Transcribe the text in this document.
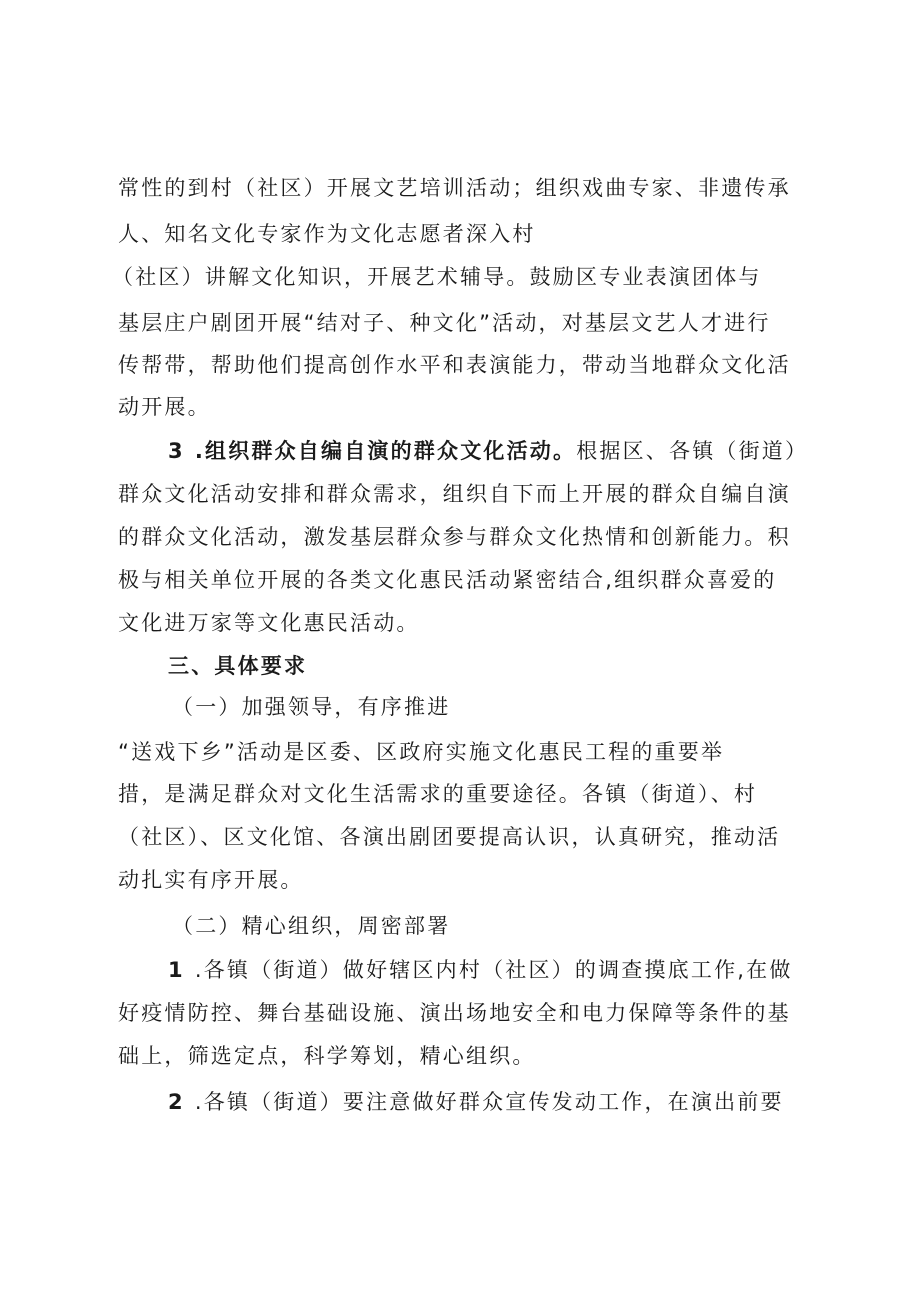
常性的到村（社区）开展文艺培训活动；组织戏曲专家、非遗传承

人、知名文化专家作为文化志愿者深入村

（社区）讲解文化知识，开展艺术辅导。鼓励区专业表演团体与

基层庄户剧团开展“结对子、种文化”活动，对基层文艺人才进行

传帮带，帮助他们提高创作水平和表演能力，带动当地群众文化活

动开展。

3 .组织群众自编自演的群众文化活动。根据区、各镇（街道）

群众文化活动安排和群众需求，组织自下而上开展的群众自编自演

的群众文化活动，激发基层群众参与群众文化热情和创新能力。积

极与相关单位开展的各类文化惠民活动紧密结合,组织群众喜爱的

文化进万家等文化惠民活动。

三、具体要求

（一）加强领导，有序推进

“送戏下乡”活动是区委、区政府实施文化惠民工程的重要举

措，是满足群众对文化生活需求的重要途径。各镇（街道）、村

（社区）、区文化馆、各演出剧团要提高认识，认真研究，推动活

动扎实有序开展。

（二）精心组织，周密部署

1 .各镇（街道）做好辖区内村（社区）的调查摸底工作,在做

好疫情防控、舞台基础设施、演出场地安全和电力保障等条件的基

础上，筛选定点，科学筹划，精心组织。

2 .各镇（街道）要注意做好群众宣传发动工作，在演出前要
